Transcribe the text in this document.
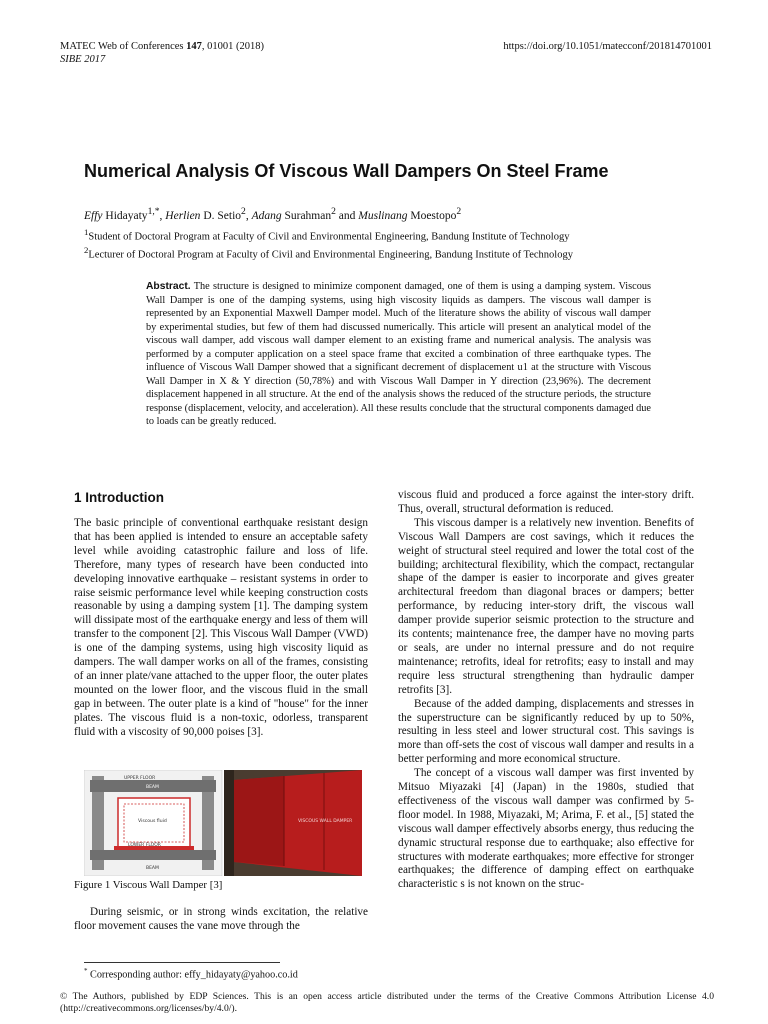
MATEC Web of Conferences 147, 01001 (2018)
SIBE 2017
https://doi.org/10.1051/matecconf/201814701001
Numerical Analysis Of Viscous Wall Dampers On Steel Frame
Effy Hidayaty$^{1,*}$, Herlien D. Setio$^2$, Adang Surahman$^2$ and Muslinang Moestopo$^2$
$^1$Student of Doctoral Program at Faculty of Civil and Environmental Engineering, Bandung Institute of Technology
$^2$Lecturer of Doctoral Program at Faculty of Civil and Environmental Engineering, Bandung Institute of Technology
Abstract. The structure is designed to minimize component damaged, one of them is using a damping system. Viscous Wall Damper is one of the damping systems, using high viscosity liquids as dampers. The viscous wall damper is represented by an Exponential Maxwell Damper model. Much of the literature shows the ability of viscous wall damper by experimental studies, but few of them had discussed numerically. This article will present an analytical model of the viscous wall damper, add viscous wall damper element to an existing frame and numerical analysis. The analysis was performed by a computer application on a steel space frame that excited a combination of three earthquake types. The influence of Viscous Wall Damper showed that a significant decrement of displacement u1 at the structure with Viscous Wall Damper in X & Y direction (50,78%) and with Viscous Wall Damper in Y direction (23,96%). The decrement displacement happened in all structure. At the end of the analysis shows the reduced of the structure periods, the structure response (displacement, velocity, and acceleration). All these results conclude that the structural components damaged due to loads can be greatly reduced.
1 Introduction

The basic principle of conventional earthquake resistant design that has been applied is intended to ensure an acceptable safety level while avoiding catastrophic failure and loss of life. Therefore, many types of research have been conducted into developing innovative earthquake – resistant systems in order to raise seismic performance level while keeping construction costs reasonable by using a damping system [1]. The damping system will dissipate most of the earthquake energy and less of them will transfer to the component [2]. This Viscous Wall Damper (VWD) is one of the damping systems, using high viscosity liquid as dampers. The wall damper works on all of the frames, consisting of an inner plate/vane attached to the upper floor, the outer plates mounted on the lower floor, and the viscous fluid in the small gap in between. The outer plate is a kind of "house" for the inner plates. The viscous fluid is a non-toxic, odorless, transparent fluid with a viscosity of 90,000 poises [3].

UPPER FLOOR
BEAM
Viscous fluid
LOWER FLOOR
BEAM
VISCOUS WALL DAMPER
Figure 1 Viscous Wall Damper [3]

During seismic, or in strong winds excitation, the relative floor movement causes the vane move through the

viscous fluid and produced a force against the inter-story drift. Thus, overall, structural deformation is reduced.

This viscous damper is a relatively new invention. Benefits of Viscous Wall Dampers are cost savings, which it reduces the weight of structural steel required and lower the total cost of the building; architectural flexibility, which the compact, rectangular shape of the damper is easier to incorporate and gives greater architectural freedom than diagonal braces or dampers; better performance, by reducing inter-story drift, the viscous wall damper provide superior seismic protection to the structure and its contents; maintenance free, the damper have no moving parts or seals, are under no internal pressure and do not require maintenance; retrofits, ideal for retrofits; easy to install and may require less structural strengthening than hydraulic damper retrofits [3].

Because of the added damping, displacements and stresses in the superstructure can be significantly reduced by up to 50%, resulting in less steel and lower structural cost. This savings is more than off-sets the cost of viscous wall damper and results in a better performing and more economical structure.

The concept of a viscous wall damper was first invented by Mitsuo Miyazaki [4] (Japan) in the 1980s, studied that effectiveness of the viscous wall damper was confirmed by 5-floor model. In 1988, Miyazaki, M; Arima, F. et al., [5] stated the viscous wall damper effectively absorbs energy, thus reducing the dynamic structural response due to earthquake; also effective for structures with moderate earthquakes; more effective for stronger earthquakes; the difference of damping effect on earthquake characteristic s is not known on the struc-

* Corresponding author: effy_hidayaty@yahoo.co.id
© The Authors, published by EDP Sciences. This is an open access article distributed under the terms of the Creative Commons Attribution License 4.0 (http://creativecommons.org/licenses/by/4.0/).
